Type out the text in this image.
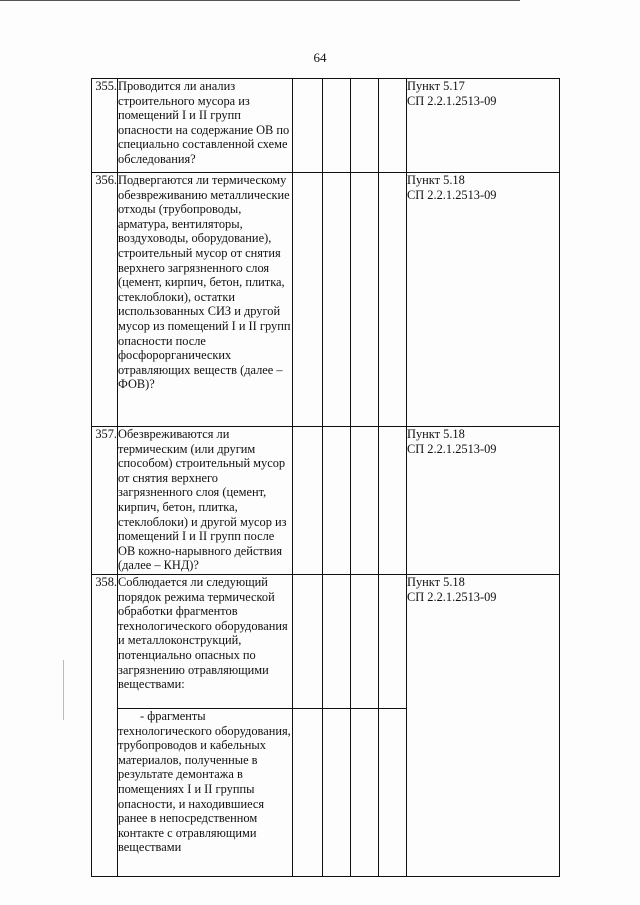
64
355.	Проводится ли анализ строительного мусора из помещений I и II групп опасности на содержание ОВ по специально составленной схеме обследования?					Пункт 5.17
СП 2.2.1.2513-09

356.	Подвергаются ли термическому обезвреживанию металлические отходы (трубопроводы, арматура, вентиляторы, воздуховоды, оборудование), строительный мусор от снятия верхнего загрязненного слоя (цемент, кирпич, бетон, плитка, стеклоблоки), остатки использованных СИЗ и другой мусор из помещений I и II групп опасности после фосфорорганических отравляющих веществ (далее – ФОВ)?					Пункт 5.18
СП 2.2.1.2513-09

357.	Обезвреживаются ли термическим (или другим способом) строительный мусор от снятия верхнего загрязненного слоя (цемент, кирпич, бетон, плитка, стеклоблоки) и другой мусор из помещений I и II групп после ОВ кожно-нарывного действия (далее – КНД)?					Пункт 5.18
СП 2.2.1.2513-09

358.	Соблюдается ли следующий порядок режима термической обработки фрагментов технологического оборудования и металлоконструкций, потенциально опасных по загрязнению отравляющими веществами:					Пункт 5.18
СП 2.2.1.2513-09

	- фрагменты технологического оборудования, трубопроводов и кабельных материалов, полученные в результате демонтажа в помещениях I и II группы опасности, и находившиеся ранее в непосредственном контакте с отравляющими веществами					
